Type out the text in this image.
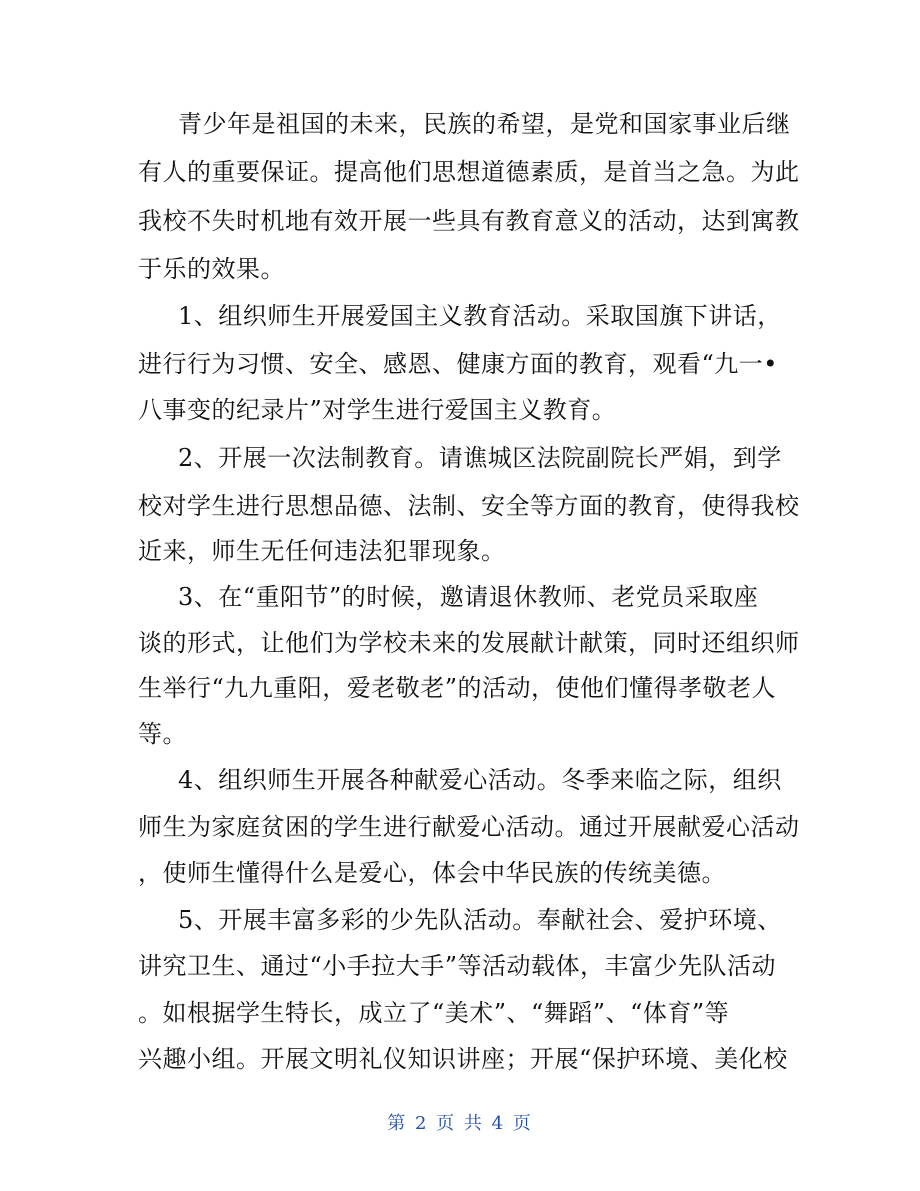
青少年是祖国的未来，民族的希望，是党和国家事业后继
有人的重要保证。提高他们思想道德素质，是首当之急。为此
我校不失时机地有效开展一些具有教育意义的活动，达到寓教
于乐的效果。
1、组织师生开展爱国主义教育活动。采取国旗下讲话，
进行行为习惯、安全、感恩、健康方面的教育，观看“九一•
八事变的纪录片”对学生进行爱国主义教育。
2、开展一次法制教育。请谯城区法院副院长严娟，到学
校对学生进行思想品德、法制、安全等方面的教育，使得我校
近来，师生无任何违法犯罪现象。
3、在“重阳节”的时候，邀请退休教师、老党员采取座
谈的形式，让他们为学校未来的发展献计献策，同时还组织师
生举行“九九重阳，爱老敬老”的活动，使他们懂得孝敬老人
等。
4、组织师生开展各种献爱心活动。冬季来临之际，组织
师生为家庭贫困的学生进行献爱心活动。通过开展献爱心活动
，使师生懂得什么是爱心，体会中华民族的传统美德。
5、开展丰富多彩的少先队活动。奉献社会、爱护环境、
讲究卫生、通过“小手拉大手”等活动载体，丰富少先队活动
。如根据学生特长，成立了“美术”、“舞蹈”、“体育”等
兴趣小组。开展文明礼仪知识讲座；开展“保护环境、美化校
第 2 页 共 4 页
